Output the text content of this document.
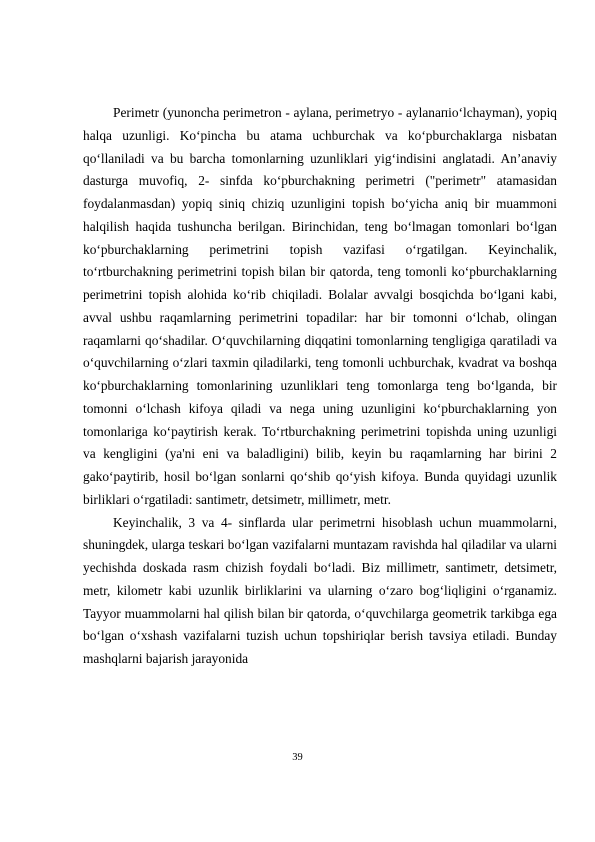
Perimetr (yunoncha perimetron - aylana, perimetryo - aylanaпio‘lchayman), yopiq halqa uzunligi. Ko‘pincha bu atama uchburchak va ko‘pburchaklarga nisbatan qo‘llaniladi va bu barcha tomonlarning uzunliklari yig‘indisini anglatadi. An’anaviy dasturga muvofiq, 2- sinfda ko‘pburchakning perimetri ("perimetr" atamasidan foydalanmasdan) yopiq siniq chiziq uzunligini topish bo‘yicha aniq bir muammoni halqilish haqida tushuncha berilgan. Birinchidan, teng bo‘lmagan tomonlari bo‘lgan ko‘pburchaklarning perimetrini topish vazifasi o‘rgatilgan. Keyinchalik, to‘rtburchakning perimetrini topish bilan bir qatorda, teng tomonli ko‘pburchaklarning perimetrini topish alohida ko‘rib chiqiladi. Bolalar avvalgi bosqichda bo‘lgani kabi, avval ushbu raqamlarning perimetrini topadilar: har bir tomonni o‘lchab, olingan raqamlarni qo‘shadilar. O‘quvchilarning diqqatini tomonlarning tengligiga qaratiladi va o‘quvchilarning o‘zlari taxmin qiladilarki, teng tomonli uchburchak, kvadrat va boshqa ko‘pburchaklarning tomonlarining uzunliklari teng tomonlarga teng bo‘lganda, bir tomonni o‘lchash kifoya qiladi va nega uning uzunligini ko‘pburchaklarning yon tomonlariga ko‘paytirish kerak. To‘rtburchakning perimetrini topishda uning uzunligi va kengligini (ya'ni eni va baladligini) bilib, keyin bu raqamlarning har birini 2 gako‘paytirib, hosil bo‘lgan sonlarni qo‘shib qo‘yish kifoya. Bunda quyidagi uzunlik birliklari o‘rgatiladi: santimetr, detsimetr, millimetr, metr.

Keyinchalik, 3 va 4- sinflarda ular perimetrni hisoblash uchun muammolarni, shuningdek, ularga teskari bo‘lgan vazifalarni muntazam ravishda hal qiladilar va ularni yechishda doskada rasm chizish foydali bo‘ladi. Biz millimetr, santimetr, detsimetr, metr, kilometr kabi uzunlik birliklarini va ularning o‘zaro bog‘liqligini o‘rganamiz. Tayyor muammolarni hal qilish bilan bir qatorda, o‘quvchilarga geometrik tarkibga ega bo‘lgan o‘xshash vazifalarni tuzish uchun topshiriqlar berish tavsiya etiladi. Bunday mashqlarni bajarish jarayonida

39
